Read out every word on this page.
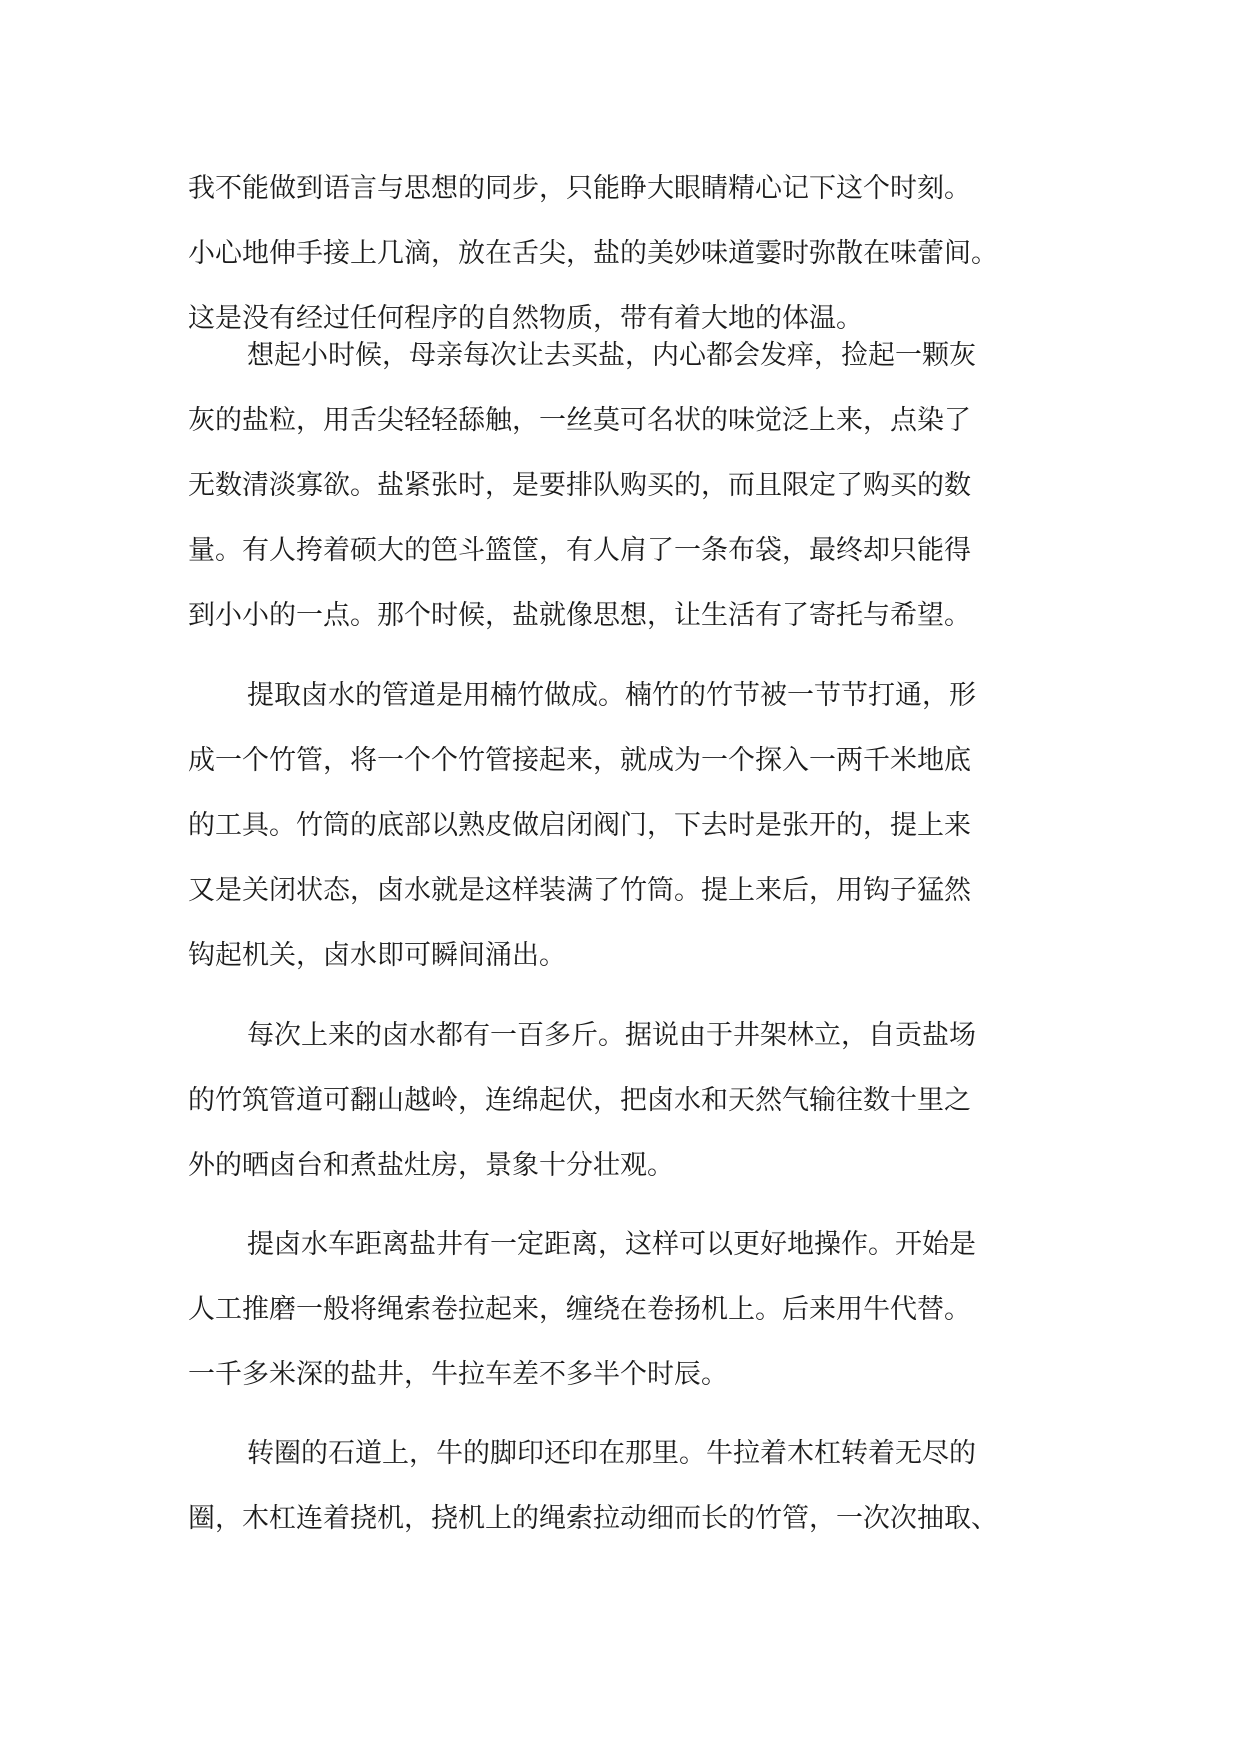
我不能做到语言与思想的同步，只能睁大眼睛精心记下这个时刻。
小心地伸手接上几滴，放在舌尖，盐的美妙味道霎时弥散在味蕾间。
这是没有经过任何程序的自然物质，带有着大地的体温。
想起小时候，母亲每次让去买盐，内心都会发痒，捡起一颗灰
灰的盐粒，用舌尖轻轻舔触，一丝莫可名状的味觉泛上来，点染了
无数清淡寡欲。盐紧张时，是要排队购买的，而且限定了购买的数
量。有人挎着硕大的笆斗篮筐，有人肩了一条布袋，最终却只能得
到小小的一点。那个时候，盐就像思想，让生活有了寄托与希望。
提取卤水的管道是用楠竹做成。楠竹的竹节被一节节打通，形
成一个竹管，将一个个竹管接起来，就成为一个探入一两千米地底
的工具。竹筒的底部以熟皮做启闭阀门，下去时是张开的，提上来
又是关闭状态，卤水就是这样装满了竹筒。提上来后，用钩子猛然
钩起机关，卤水即可瞬间涌出。
每次上来的卤水都有一百多斤。据说由于井架林立，自贡盐场
的竹筑管道可翻山越岭，连绵起伏，把卤水和天然气输往数十里之
外的晒卤台和煮盐灶房，景象十分壮观。
提卤水车距离盐井有一定距离，这样可以更好地操作。开始是
人工推磨一般将绳索卷拉起来，缠绕在卷扬机上。后来用牛代替。
一千多米深的盐井，牛拉车差不多半个时辰。
转圈的石道上，牛的脚印还印在那里。牛拉着木杠转着无尽的
圈，木杠连着挠机，挠机上的绳索拉动细而长的竹管，一次次抽取、
